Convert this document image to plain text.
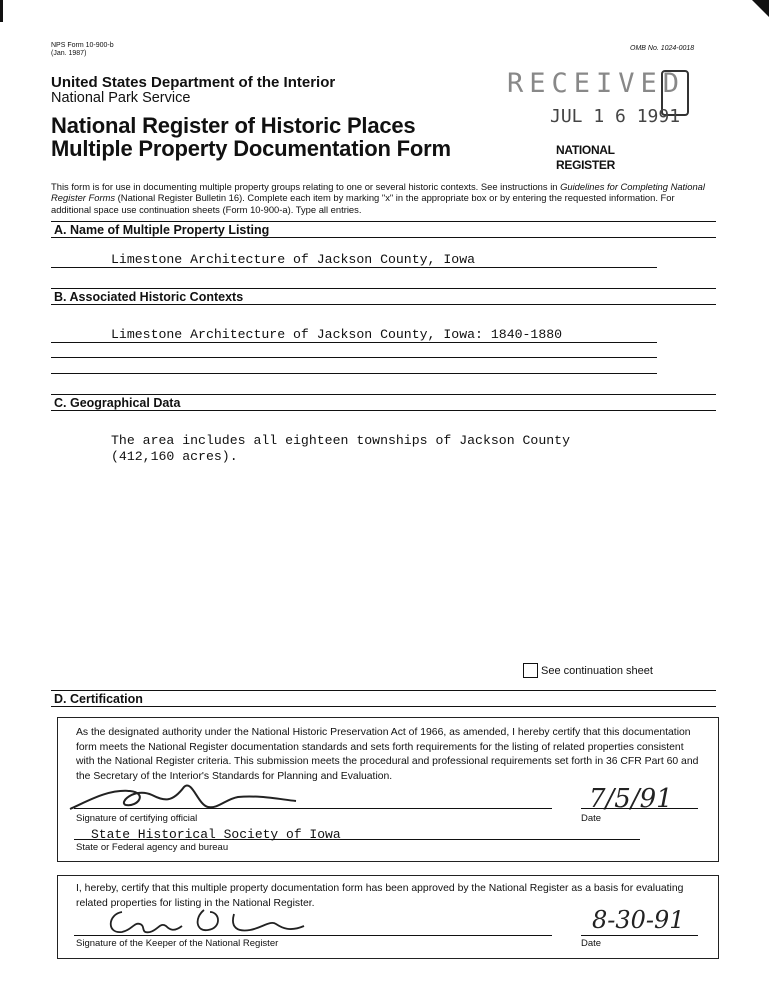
NPS Form 10-900-b
(Jan. 1987)
OMB No. 1024-0018
United States Department of the Interior
National Park Service
National Register of Historic Places
Multiple Property Documentation Form
RECEIVED
JUL 1 6 1991
NATIONAL
REGISTER
This form is for use in documenting multiple property groups relating to one or several historic contexts. See instructions in Guidelines for Completing National Register Forms (National Register Bulletin 16). Complete each item by marking "x" in the appropriate box or by entering the requested information. For additional space use continuation sheets (Form 10-900-a). Type all entries.
A. Name of Multiple Property Listing
Limestone Architecture of Jackson County, Iowa
B. Associated Historic Contexts
Limestone Architecture of Jackson County, Iowa: 1840-1880
C. Geographical Data
The area includes all eighteen townships of Jackson County
(412,160 acres).
See continuation sheet
D. Certification
As the designated authority under the National Historic Preservation Act of 1966, as amended, I hereby certify that this documentation form meets the National Register documentation standards and sets forth requirements for the listing of related properties consistent with the National Register criteria. This submission meets the procedural and professional requirements set forth in 36 CFR Part 60 and the Secretary of the Interior's Standards for Planning and Evaluation.
Signature of certifying official
7/5/91
Date
State Historical Society of Iowa
State or Federal agency and bureau
I, hereby, certify that this multiple property documentation form has been approved by the National Register as a basis for evaluating related properties for listing in the National Register.
Signature of the Keeper of the National Register
8-30-91
Date
